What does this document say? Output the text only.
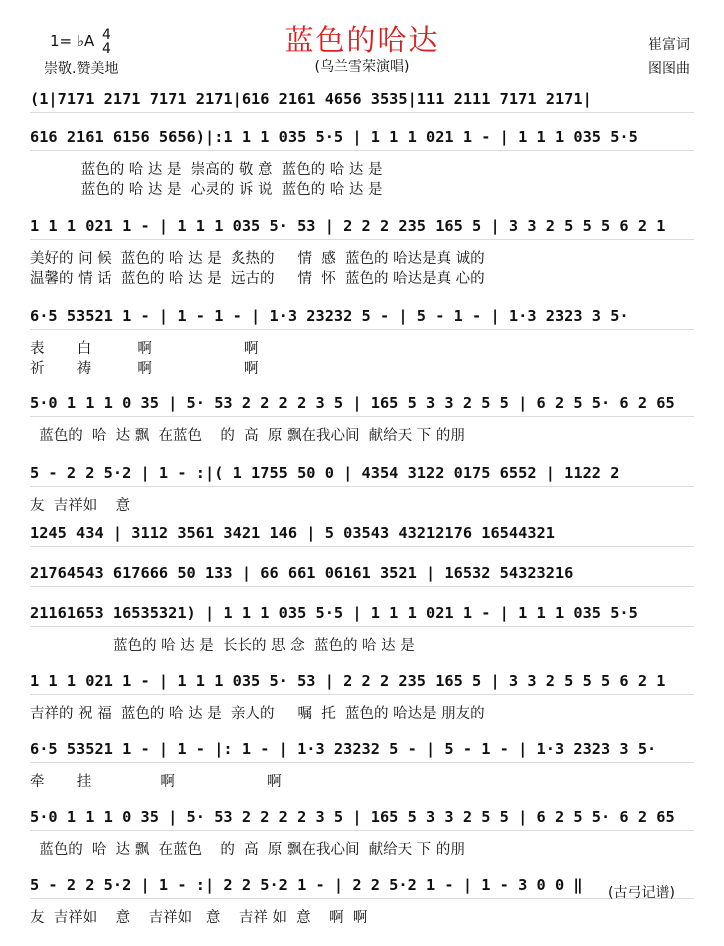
蓝色的哈达
(乌兰雪荣演唱)
1= ♭A 4
4
崇敬.赞美地
崔富词
图图曲
(1|7171 2171 7171 2171|616 2161 4656 3535|111 2111 7171 2171|
616 2161 6156 5656)|:1 1 1 035 5·5 | 1 1 1 021 1 - | 1 1 1 035 5·5
蓝色的 哈 达 是  崇高的 敬 意  蓝色的 哈 达 是
蓝色的 哈 达 是  心灵的 诉 说  蓝色的 哈 达 是
1 1 1 021 1 - | 1 1 1 035 5· 53 | 2 2 2 235 165 5 | 3 3 2 5 5 5 6 2 1
美好的 问 候  蓝色的 哈 达 是  炙热的     情  感  蓝色的 哈达是真 诚的
温馨的 情 话  蓝色的 哈 达 是  远古的     情  怀  蓝色的 哈达是真 心的
6·5 53521 1 - | 1 - 1 - | 1·3 23232 5 - | 5 - 1 - | 1·3 2323 3 5·
表       白          啊                    啊
祈       祷          啊                    啊
5·0 1 1 1 0 35 | 5· 53 2 2 2 2 3 5 | 165 5 3 3 2 5 5 | 6 2 5 5· 6 2 65
蓝色的  哈  达 飘  在蓝色    的  高  原 飘在我心间  献给天 下 的朋
5 - 2 2 5·2 | 1 - :|( 1 1755 50 0 | 4354 3122 0175 6552 | 1122 2
友  吉祥如    意
1245 434 | 3112 3561 3421 146 | 5 03543 43212176 16544321
21764543 617666 50 133 | 66 661 06161 3521 | 16532 54323216
21161653 16535321) | 1 1 1 035 5·5 | 1 1 1 021 1 - | 1 1 1 035 5·5
蓝色的 哈 达 是  长长的 思 念  蓝色的 哈 达 是
1 1 1 021 1 - | 1 1 1 035 5· 53 | 2 2 2 235 165 5 | 3 3 2 5 5 5 6 2 1
吉祥的 祝 福  蓝色的 哈 达 是  亲人的     嘱  托  蓝色的 哈达是 朋友的
6·5 53521 1 - | 1 - |: 1 - | 1·3 23232 5 - | 5 - 1 - | 1·3 2323 3 5·
牵       挂               啊                    啊
5·0 1 1 1 0 35 | 5· 53 2 2 2 2 3 5 | 165 5 3 3 2 5 5 | 6 2 5 5· 6 2 65
蓝色的  哈  达 飘  在蓝色    的  高  原 飘在我心间  献给天 下 的朋
5 - 2 2 5·2 | 1 - :| 2 2 5·2 1 - | 2 2 5·2 1 - | 1 - 3 0 0 ‖
友  吉祥如    意    吉祥如   意    吉祥 如  意    啊  啊
(古弓记谱)
